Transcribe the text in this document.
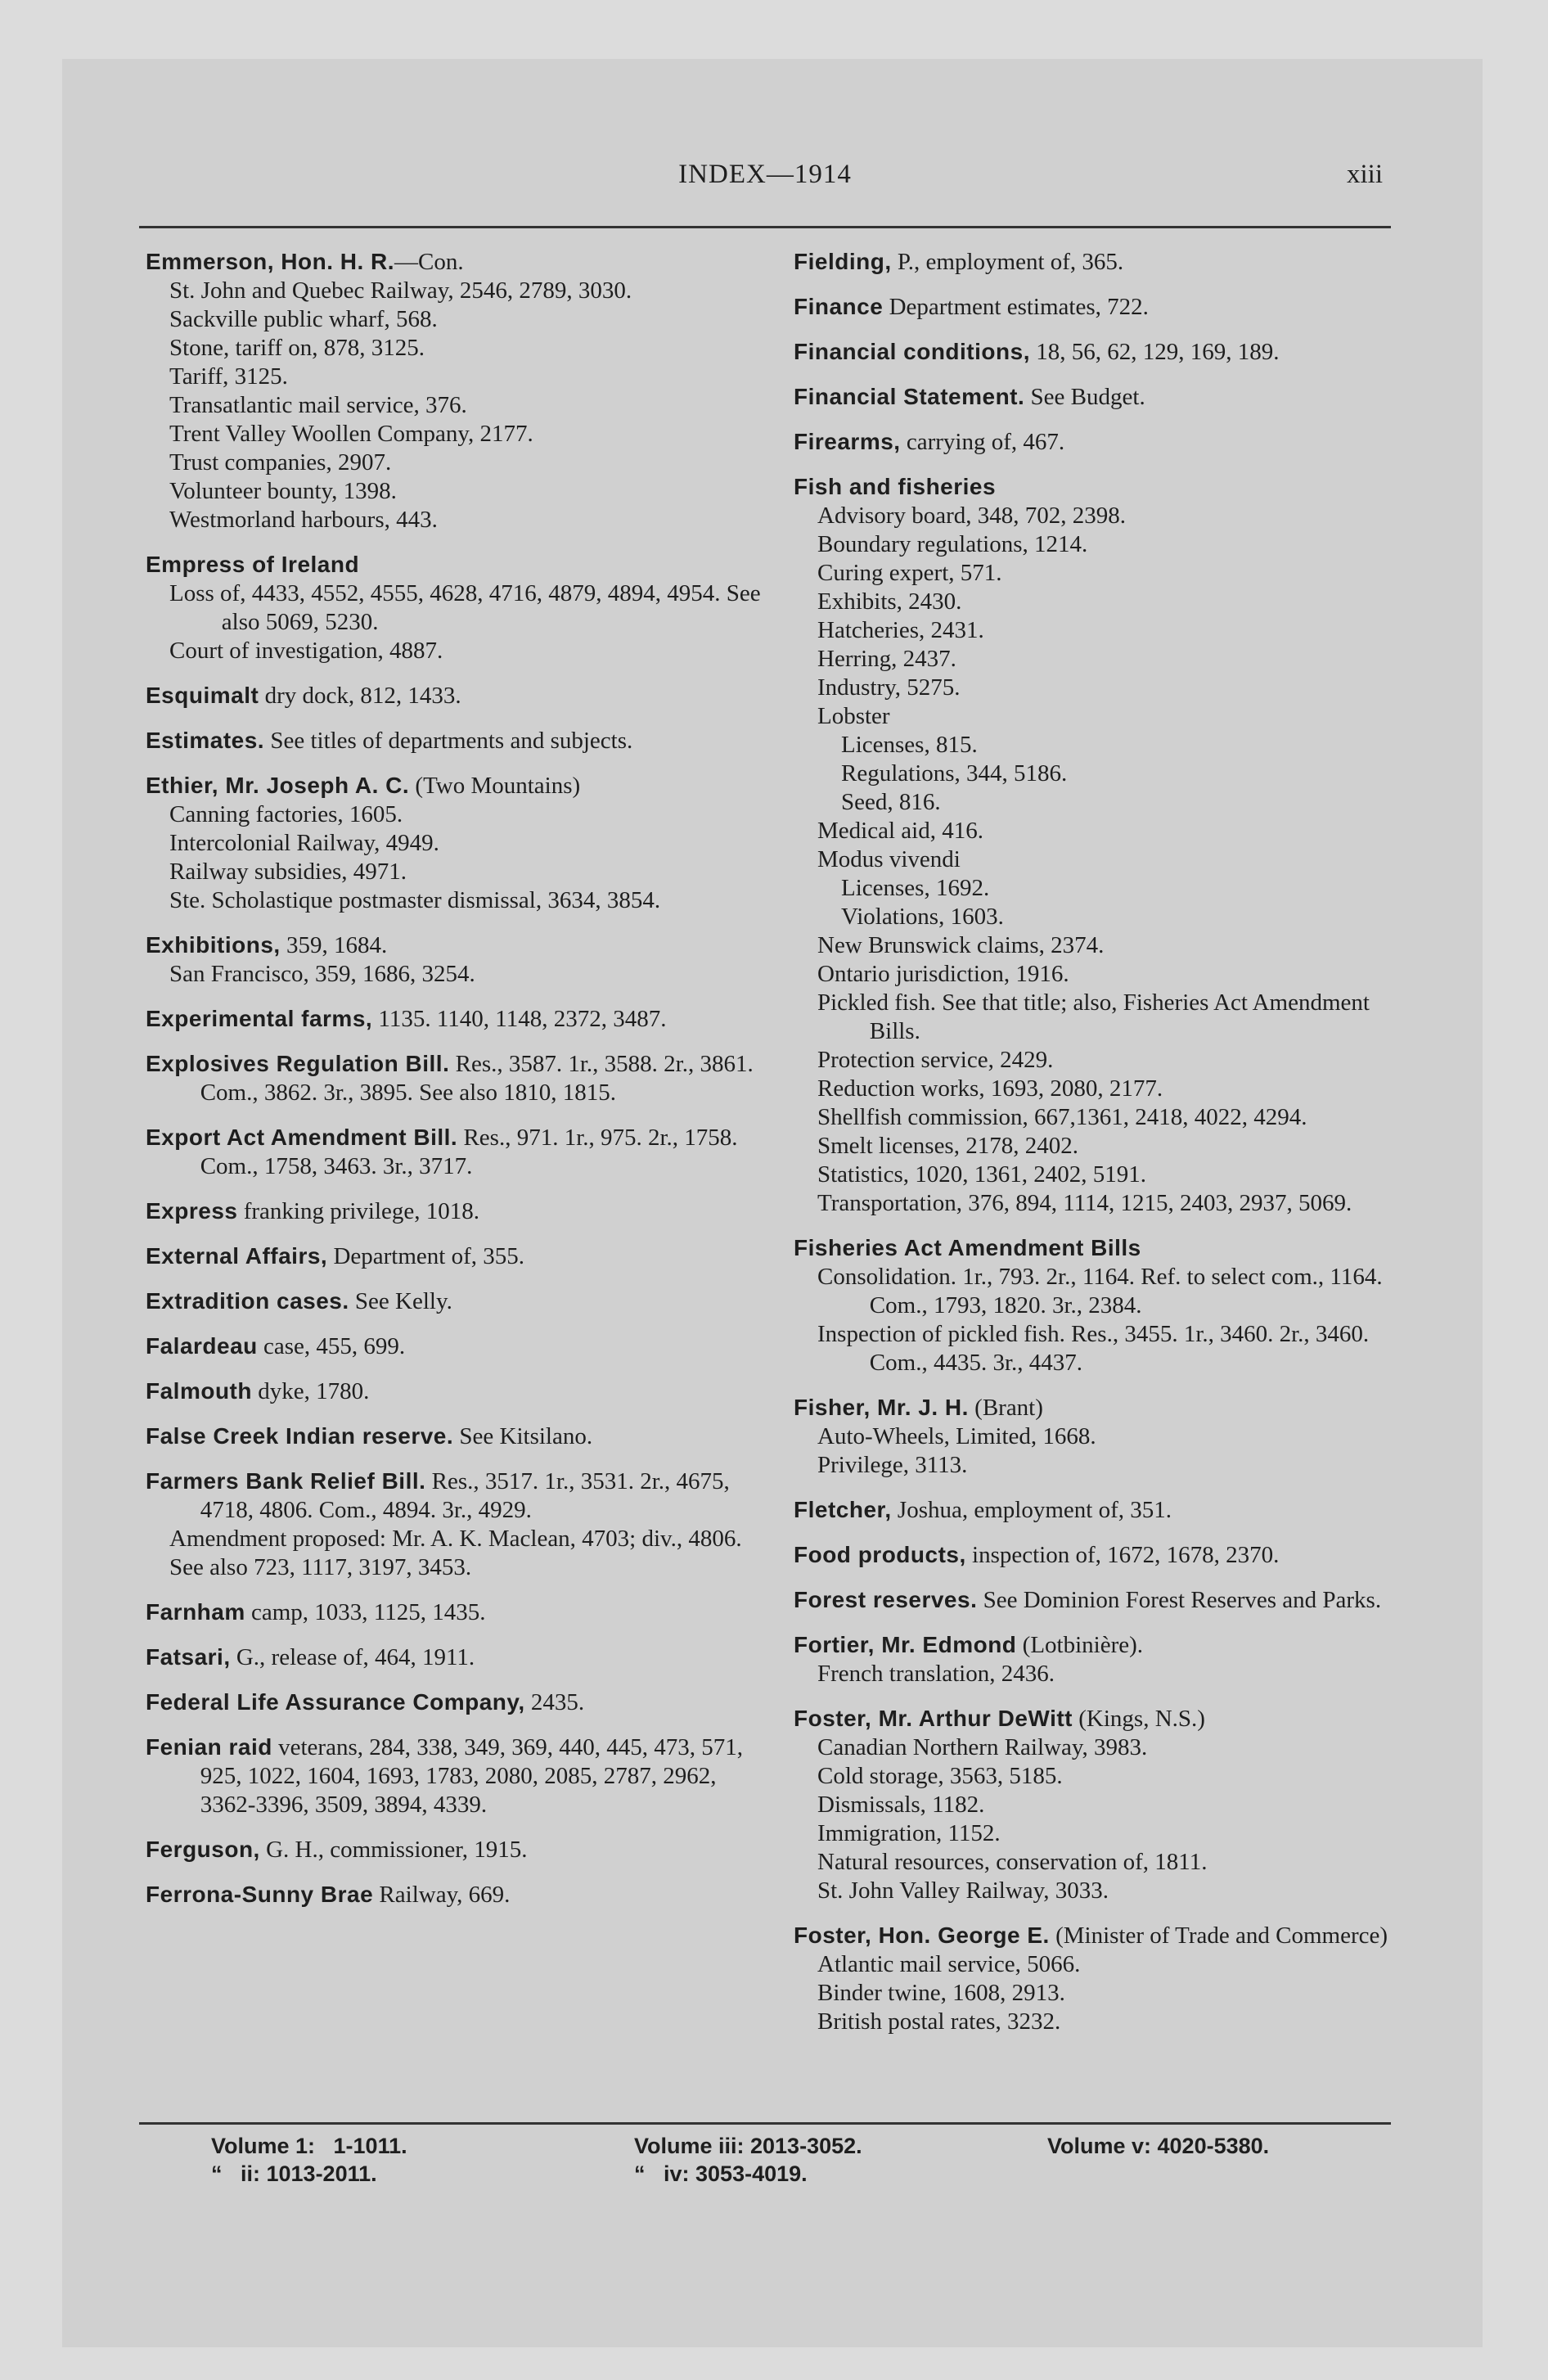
INDEX—1914	xiii
Emmerson, Hon. H. R.—Con.
St. John and Quebec Railway, 2546, 2789, 3030.
Sackville public wharf, 568.
Stone, tariff on, 878, 3125.
Tariff, 3125.
Transatlantic mail service, 376.
Trent Valley Woollen Company, 2177.
Trust companies, 2907.
Volunteer bounty, 1398.
Westmorland harbours, 443.
Empress of Ireland
Loss of, 4433, 4552, 4555, 4628, 4716, 4879, 4894, 4954. See also 5069, 5230.
Court of investigation, 4887.
Esquimalt dry dock, 812, 1433.
Estimates. See titles of departments and subjects.
Ethier, Mr. Joseph A. C. (Two Mountains)
Canning factories, 1605.
Intercolonial Railway, 4949.
Railway subsidies, 4971.
Ste. Scholastique postmaster dismissal, 3634, 3854.
Exhibitions, 359, 1684.
San Francisco, 359, 1686, 3254.
Experimental farms, 1135. 1140, 1148, 2372, 3487.
Explosives Regulation Bill. Res., 3587. 1r., 3588. 2r., 3861. Com., 3862. 3r., 3895. See also 1810, 1815.
Export Act Amendment Bill. Res., 971. 1r., 975. 2r., 1758. Com., 1758, 3463. 3r., 3717.
Express franking privilege, 1018.
External Affairs, Department of, 355.
Extradition cases. See Kelly.
Falardeau case, 455, 699.
Falmouth dyke, 1780.
False Creek Indian reserve. See Kitsilano.
Farmers Bank Relief Bill. Res., 3517. 1r., 3531. 2r., 4675, 4718, 4806. Com., 4894. 3r., 4929.
Amendment proposed: Mr. A. K. Maclean, 4703; div., 4806.
See also 723, 1117, 3197, 3453.
Farnham camp, 1033, 1125, 1435.
Fatsari, G., release of, 464, 1911.
Federal Life Assurance Company, 2435.
Fenian raid veterans, 284, 338, 349, 369, 440, 445, 473, 571, 925, 1022, 1604, 1693, 1783, 2080, 2085, 2787, 2962, 3362-3396, 3509, 3894, 4339.
Ferguson, G. H., commissioner, 1915.
Ferrona-Sunny Brae Railway, 669.
Fielding, P., employment of, 365.
Finance Department estimates, 722.
Financial conditions, 18, 56, 62, 129, 169, 189.
Financial Statement. See Budget.
Firearms, carrying of, 467.
Fish and fisheries
Advisory board, 348, 702, 2398.
Boundary regulations, 1214.
Curing expert, 571.
Exhibits, 2430.
Hatcheries, 2431.
Herring, 2437.
Industry, 5275.
Lobster
Licenses, 815.
Regulations, 344, 5186.
Seed, 816.
Medical aid, 416.
Modus vivendi
Licenses, 1692.
Violations, 1603.
New Brunswick claims, 2374.
Ontario jurisdiction, 1916.
Pickled fish. See that title; also, Fisheries Act Amendment Bills.
Protection service, 2429.
Reduction works, 1693, 2080, 2177.
Shellfish commission, 667,1361, 2418, 4022, 4294.
Smelt licenses, 2178, 2402.
Statistics, 1020, 1361, 2402, 5191.
Transportation, 376, 894, 1114, 1215, 2403, 2937, 5069.
Fisheries Act Amendment Bills
Consolidation. 1r., 793. 2r., 1164. Ref. to select com., 1164. Com., 1793, 1820. 3r., 2384.
Inspection of pickled fish. Res., 3455. 1r., 3460. 2r., 3460. Com., 4435. 3r., 4437.
Fisher, Mr. J. H. (Brant)
Auto-Wheels, Limited, 1668.
Privilege, 3113.
Fletcher, Joshua, employment of, 351.
Food products, inspection of, 1672, 1678, 2370.
Forest reserves. See Dominion Forest Reserves and Parks.
Fortier, Mr. Edmond (Lotbinière).
French translation, 2436.
Foster, Mr. Arthur DeWitt (Kings, N.S.)
Canadian Northern Railway, 3983.
Cold storage, 3563, 5185.
Dismissals, 1182.
Immigration, 1152.
Natural resources, conservation of, 1811.
St. John Valley Railway, 3033.
Foster, Hon. George E. (Minister of Trade and Commerce)
Atlantic mail service, 5066.
Binder twine, 1608, 2913.
British postal rates, 3232.
Volume 1:   1-1011.
“   ii: 1013-2011.
Volume iii: 2013-3052.
“   iv: 3053-4019.
Volume v: 4020-5380.
